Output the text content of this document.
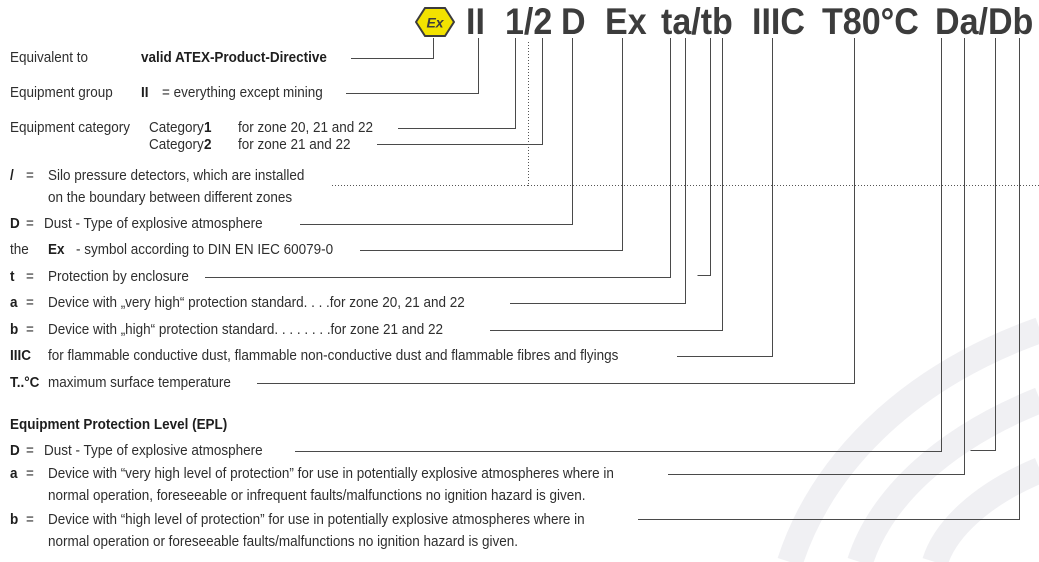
Ex II 1/2 D Ex ta/tb IIIC T80°C Da/Db
Equivalent to	valid ATEX-Product-Directive
Equipment group II = everything except mining
Equipment category Category 1 for zone 20, 21 and 22
Category 2 for zone 21 and 22
/ = Silo pressure detectors, which are installed
on the boundary between different zones
D = Dust - Type of explosive atmosphere
the Ex - symbol according to DIN EN IEC 60079-0
t = Protection by enclosure
a = Device with „very high“ protection standard. . . .for zone 20, 21 and 22
b = Device with „high“ protection standard. . . . . . . .for zone 21 and 22
IIIC for flammable conductive dust, flammable non-conductive dust and flammable fibres and flyings
T..°C maximum surface temperature
Equipment Protection Level (EPL)
D = Dust - Type of explosive atmosphere
a = Device with “very high level of protection” for use in potentially explosive atmospheres where in
normal operation, foreseeable or infrequent faults/malfunctions no ignition hazard is given.
b = Device with “high level of protection” for use in potentially explosive atmospheres where in
normal operation or foreseeable faults/malfunctions no ignition hazard is given.
